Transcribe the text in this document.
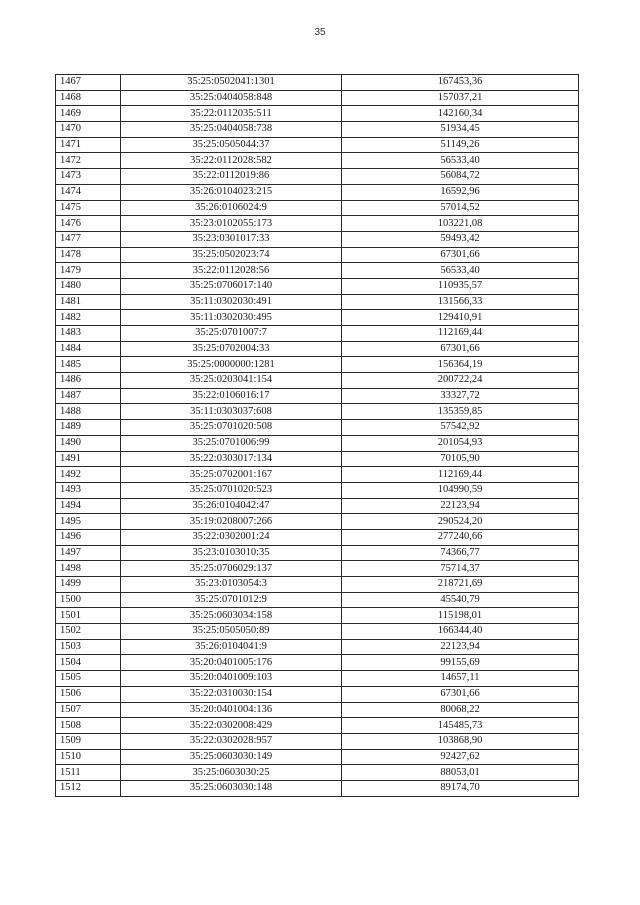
35
1467	35:25:0502041:1301	167453,36
1468	35:25:0404058:848	157037,21
1469	35:22:0112035:511	142160,34
1470	35:25:0404058:738	51934,45
1471	35:25:0505044:37	51149,26
1472	35:22:0112028:582	56533,40
1473	35:22:0112019:86	56084,72
1474	35:26:0104023:215	16592,96
1475	35:26:0106024:9	57014,52
1476	35:23:0102055:173	103221,08
1477	35:23:0301017:33	59493,42
1478	35:25:0502023:74	67301,66
1479	35:22:0112028:56	56533,40
1480	35:25:0706017:140	110935,57
1481	35:11:0302030:491	131566,33
1482	35:11:0302030:495	129410,91
1483	35:25:0701007:7	112169,44
1484	35:25:0702004:33	67301,66
1485	35:25:0000000:1281	156364,19
1486	35:25:0203041:154	200722,24
1487	35:22:0106016:17	33327,72
1488	35:11:0303037:608	135359,85
1489	35:25:0701020:508	57542,92
1490	35:25:0701006:99	201054,93
1491	35:22:0303017:134	70105,90
1492	35:25:0702001:167	112169,44
1493	35:25:0701020:523	104990,59
1494	35:26:0104042:47	22123,94
1495	35:19:0208007:266	290524,20
1496	35:22:0302001:24	277240,66
1497	35:23:0103010:35	74366,77
1498	35:25:0706029:137	75714,37
1499	35:23:0103054:3	218721,69
1500	35:25:0701012:9	45540,79
1501	35:25:0603034:158	115198,01
1502	35:25:0505050:89	166344,40
1503	35:26:0104041:9	22123,94
1504	35:20:0401005:176	99155,69
1505	35:20:0401009:103	14657,11
1506	35:22:0310030:154	67301,66
1507	35:20:0401004:136	80068,22
1508	35:22:0302008:429	145485,73
1509	35:22:0302028:957	103868,90
1510	35:25:0603030:149	92427,62
1511	35:25:0603030:25	88053,01
1512	35:25:0603030:148	89174,70
